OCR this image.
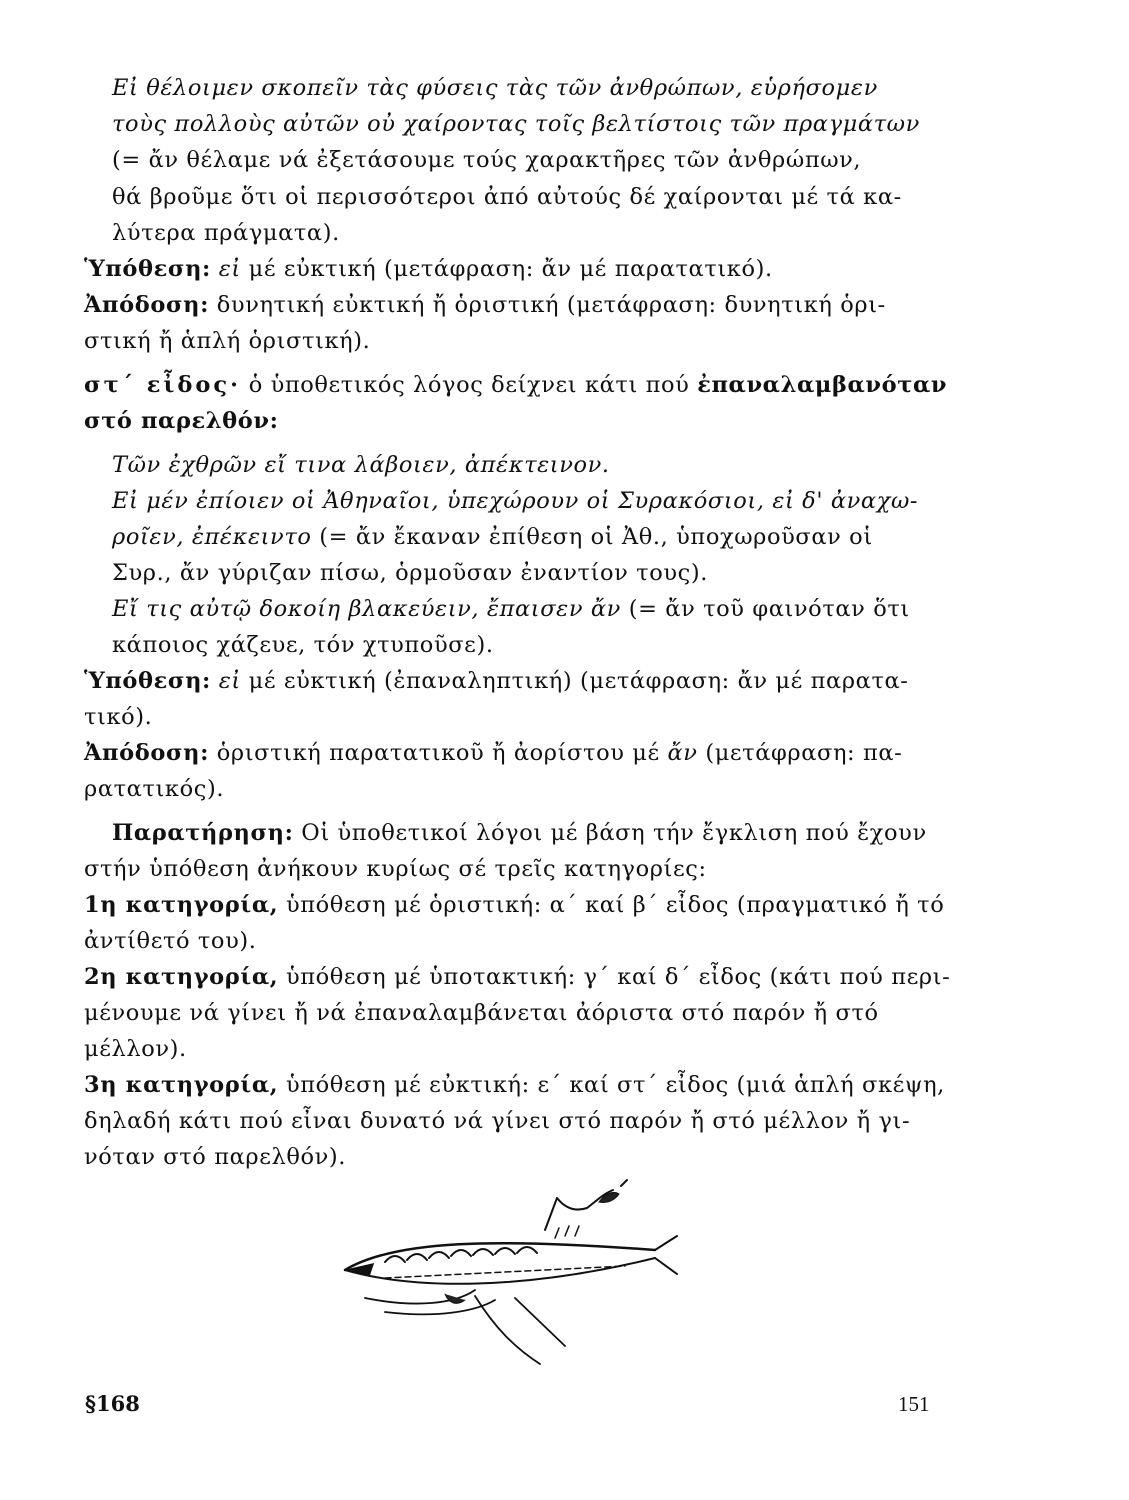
Εἰ θέλοιμεν σκοπεῖν τὰς φύσεις τὰς τῶν ἀνθρώπων, εὑρήσομεν
τοὺς πολλοὺς αὐτῶν οὐ χαίροντας τοῖς βελτίστοις τῶν πραγμάτων
(= ἄν θέλαμε νά ἐξετάσουμε τούς χαρακτῆρες τῶν ἀνθρώπων,
θά βροῦμε ὅτι οἱ περισσότεροι ἀπό αὐτούς δέ χαίρονται μέ τά κα-
λύτερα πράγματα).
Ὑπόθεση: εἰ μέ εὐκτική (μετάφραση: ἄν μέ παρατατικό).
Ἀπόδοση: δυνητική εὐκτική ἤ ὁριστική (μετάφραση: δυνητική ὁρι-
στική ἤ ἁπλή ὁριστική).
στ΄ εἶδος· ὁ ὑποθετικός λόγος δείχνει κάτι πού ἐπαναλαμβανόταν
στό παρελθόν:
Τῶν ἐχθρῶν εἴ τινα λάβοιεν, ἀπέκτεινον.
Εἰ μέν ἐπίοιεν οἱ Ἀθηναῖοι, ὑπεχώρουν οἱ Συρακόσιοι, εἰ δ' ἀναχω-
ροῖεν, ἐπέκειντο (= ἄν ἔκαναν ἐπίθεση οἱ Ἀθ., ὑποχωροῦσαν οἱ
Συρ., ἄν γύριζαν πίσω, ὁρμοῦσαν ἐναντίον τους).
Εἴ τις αὐτῷ δοκοίη βλακεύειν, ἔπαισεν ἄν (= ἄν τοῦ φαινόταν ὅτι
κάποιος χάζευε, τόν χτυποῦσε).
Ὑπόθεση: εἰ μέ εὐκτική (ἐπαναληπτική) (μετάφραση: ἄν μέ παρατα-
τικό).
Ἀπόδοση: ὁριστική παρατατικοῦ ἤ ἀορίστου μέ ἄν (μετάφραση: πα-
ρατατικός).
Παρατήρηση: Οἱ ὑποθετικοί λόγοι μέ βάση τήν ἔγκλιση πού ἔχουν
στήν ὑπόθεση ἀνήκουν κυρίως σέ τρεῖς κατηγορίες:
1η κατηγορία, ὑπόθεση μέ ὁριστική: α΄ καί β΄ εἶδος (πραγματικό ἤ τό
ἀντίθετό του).
2η κατηγορία, ὑπόθεση μέ ὑποτακτική: γ΄ καί δ΄ εἶδος (κάτι πού περι-
μένουμε νά γίνει ἤ νά ἐπαναλαμβάνεται ἀόριστα στό παρόν ἤ στό
μέλλον).
3η κατηγορία, ὑπόθεση μέ εὐκτική: ε΄ καί στ΄ εἶδος (μιά ἁπλή σκέψη,
δηλαδή κάτι πού εἶναι δυνατό νά γίνει στό παρόν ἤ στό μέλλον ἤ γι-
νόταν στό παρελθόν).
§168	151
